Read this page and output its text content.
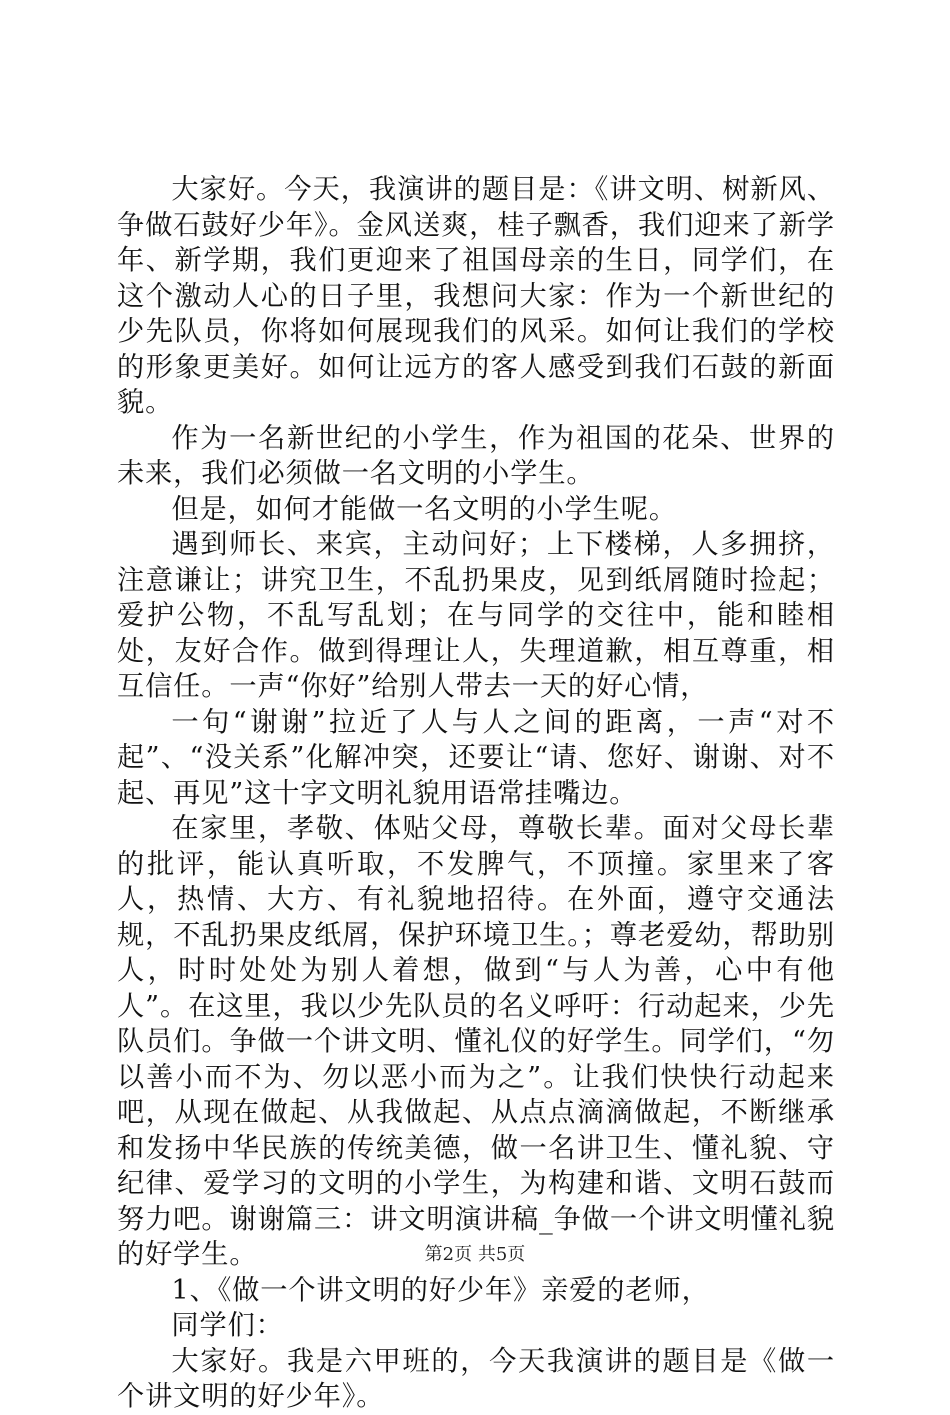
大家好。今天，我演讲的题目是：《讲文明、树新风、争做石鼓好少年》。金风送爽，桂子飘香，我们迎来了新学年、新学期，我们更迎来了祖国母亲的生日，同学们，在这个激动人心的日子里，我想问大家：作为一个新世纪的少先队员，你将如何展现我们的风采。如何让我们的学校的形象更美好。如何让远方的客人感受到我们石鼓的新面貌。

作为一名新世纪的小学生，作为祖国的花朵、世界的未来，我们必须做一名文明的小学生。

但是，如何才能做一名文明的小学生呢。

遇到师长、来宾，主动问好；上下楼梯，人多拥挤，注意谦让；讲究卫生，不乱扔果皮，见到纸屑随时捡起；爱护公物，不乱写乱划；在与同学的交往中，能和睦相处，友好合作。做到得理让人，失理道歉，相互尊重，相互信任。一声“你好”给别人带去一天的好心情，

一句“谢谢”拉近了人与人之间的距离，一声“对不起”、“没关系”化解冲突，还要让“请、您好、谢谢、对不起、再见”这十字文明礼貌用语常挂嘴边。

在家里，孝敬、体贴父母，尊敬长辈。面对父母长辈的批评，能认真听取，不发脾气，不顶撞。家里来了客人，热情、大方、有礼貌地招待。在外面，遵守交通法规，不乱扔果皮纸屑，保护环境卫生。；尊老爱幼，帮助别人，时时处处为别人着想，做到“与人为善，心中有他人”。在这里，我以少先队员的名义呼吁：行动起来，少先队员们。争做一个讲文明、懂礼仪的好学生。同学们，“勿以善小而不为、勿以恶小而为之”。让我们快快行动起来吧，从现在做起、从我做起、从点点滴滴做起，不断继承和发扬中华民族的传统美德，做一名讲卫生、懂礼貌、守纪律、爱学习的文明的小学生，为构建和谐、文明石鼓而努力吧。谢谢篇三：讲文明演讲稿_争做一个讲文明懂礼貌的好学生。

1、《做一个讲文明的好少年》亲爱的老师，

同学们：

大家好。我是六甲班的，今天我演讲的题目是《做一个讲文明的好少年》。

第2页 共5页
